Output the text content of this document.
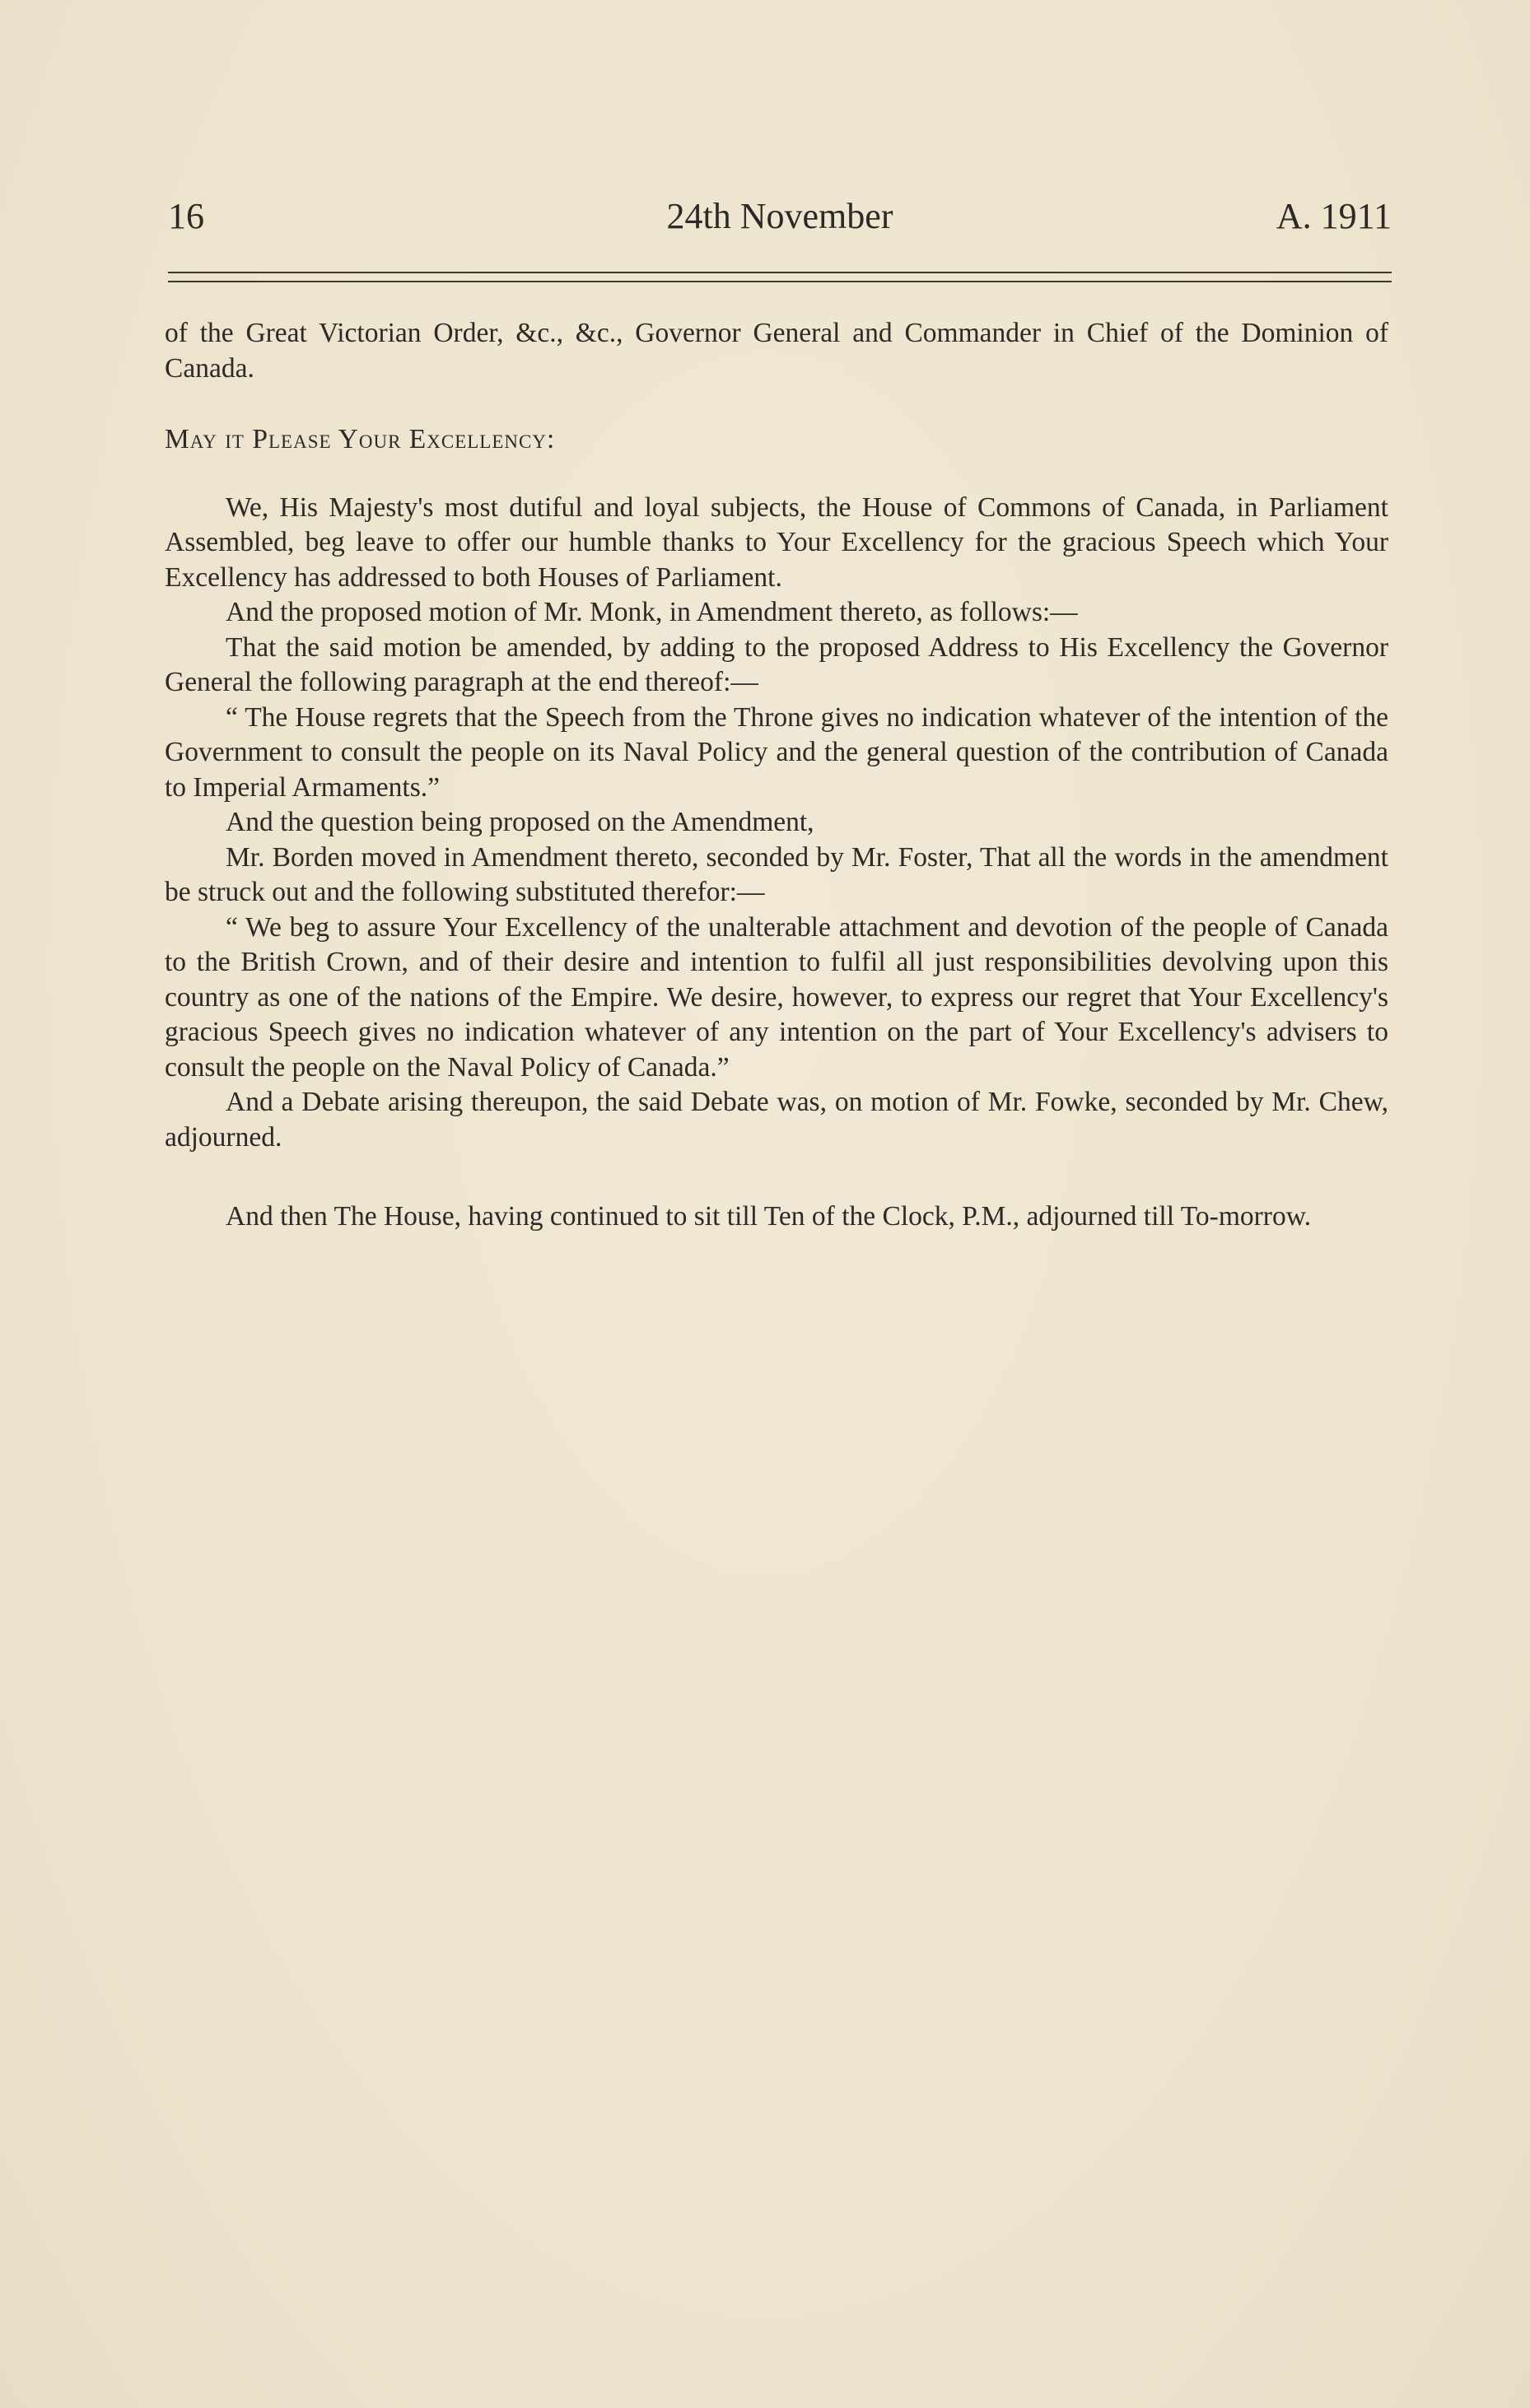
16	24th November	A. 1911

of the Great Victorian Order, &c., &c., Governor General and Commander in Chief of the Dominion of Canada.

May it Please Your Excellency:

We, His Majesty's most dutiful and loyal subjects, the House of Commons of Canada, in Parliament Assembled, beg leave to offer our humble thanks to Your Excellency for the gracious Speech which Your Excellency has addressed to both Houses of Parliament.

And the proposed motion of Mr. Monk, in Amendment thereto, as follows:—

That the said motion be amended, by adding to the proposed Address to His Excellency the Governor General the following paragraph at the end thereof:—

“ The House regrets that the Speech from the Throne gives no indication whatever of the intention of the Government to consult the people on its Naval Policy and the general question of the contribution of Canada to Imperial Armaments.”

And the question being proposed on the Amendment,

Mr. Borden moved in Amendment thereto, seconded by Mr. Foster, That all the words in the amendment be struck out and the following substituted therefor:—

“ We beg to assure Your Excellency of the unalterable attachment and devotion of the people of Canada to the British Crown, and of their desire and intention to fulfil all just responsibilities devolving upon this country as one of the nations of the Empire. We desire, however, to express our regret that Your Excellency's gracious Speech gives no indication whatever of any intention on the part of Your Excellency's advisers to consult the people on the Naval Policy of Canada.”

And a Debate arising thereupon, the said Debate was, on motion of Mr. Fowke, seconded by Mr. Chew, adjourned.

And then The House, having continued to sit till Ten of the Clock, P.M., adjourned till To-morrow.
